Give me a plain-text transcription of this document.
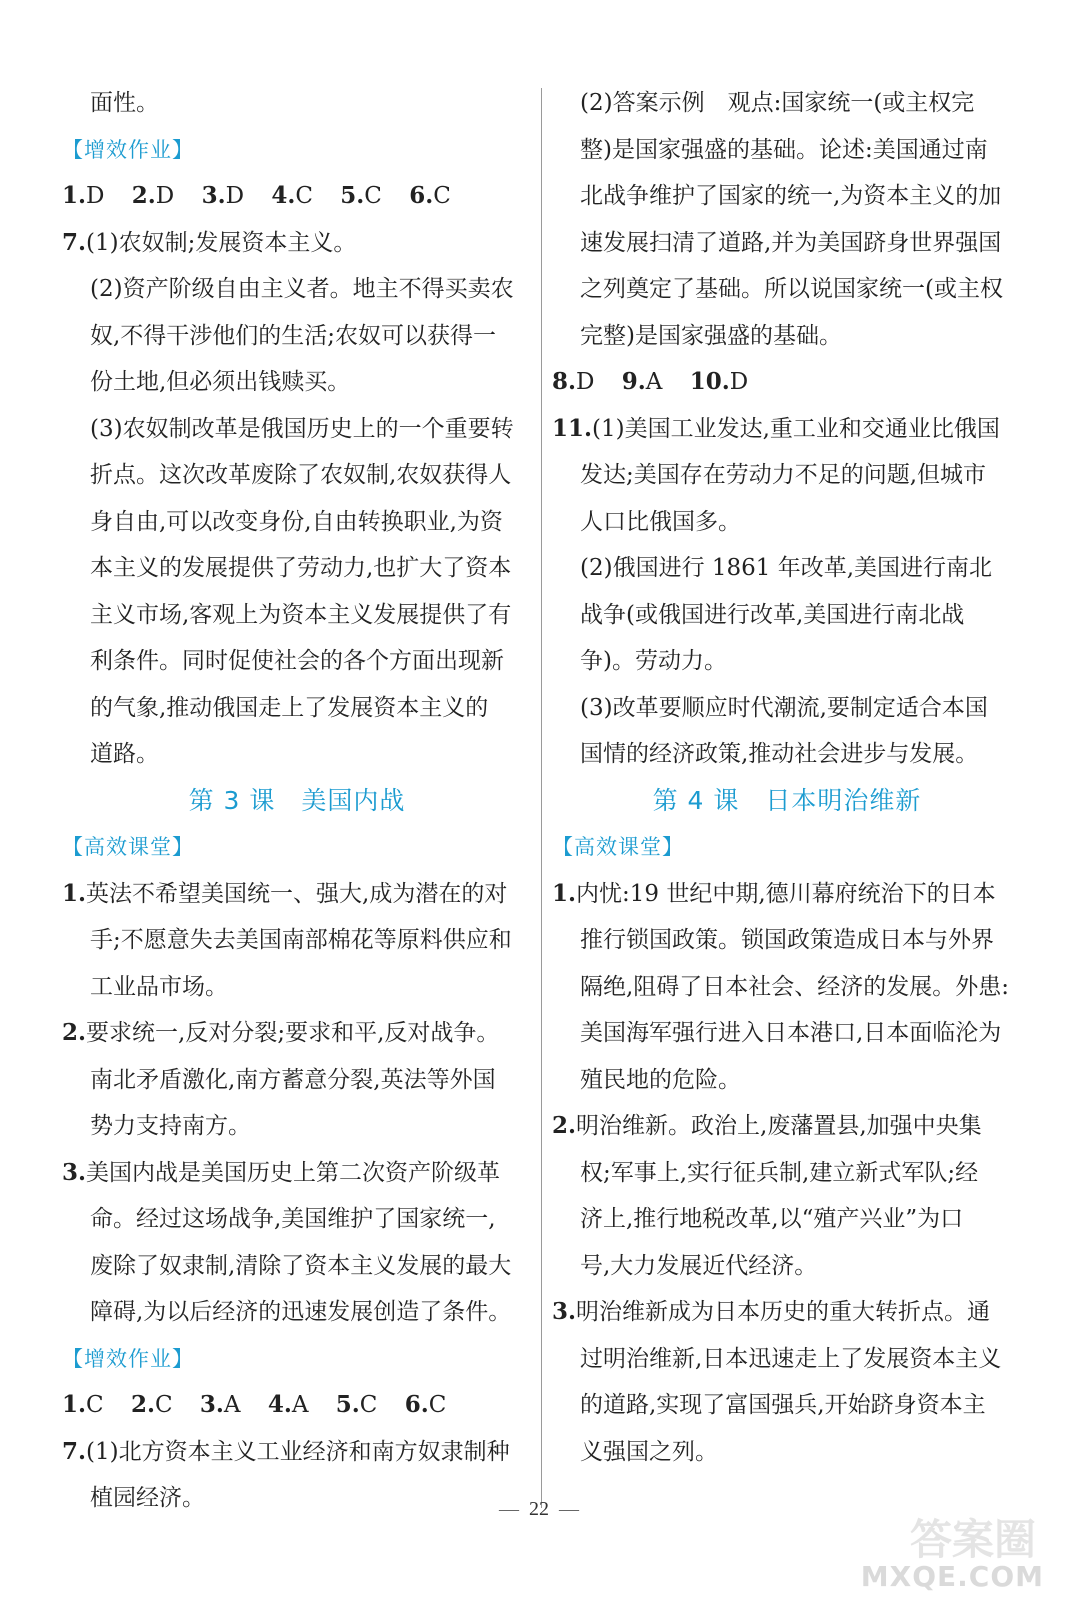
面性。
【增效作业】
1.D 2.D 3.D 4.C 5.C 6.C
7.(1)农奴制;发展资本主义。
(2)资产阶级自由主义者。地主不得买卖农
奴,不得干涉他们的生活;农奴可以获得一
份土地,但必须出钱赎买。
(3)农奴制改革是俄国历史上的一个重要转
折点。这次改革废除了农奴制,农奴获得人
身自由,可以改变身份,自由转换职业,为资
本主义的发展提供了劳动力,也扩大了资本
主义市场,客观上为资本主义发展提供了有
利条件。同时促使社会的各个方面出现新
的气象,推动俄国走上了发展资本主义的
道路。
第 3 课　美国内战
【高效课堂】
1.英法不希望美国统一、强大,成为潜在的对
手;不愿意失去美国南部棉花等原料供应和
工业品市场。
2.要求统一,反对分裂;要求和平,反对战争。
南北矛盾激化,南方蓄意分裂,英法等外国
势力支持南方。
3.美国内战是美国历史上第二次资产阶级革
命。经过这场战争,美国维护了国家统一,
废除了奴隶制,清除了资本主义发展的最大
障碍,为以后经济的迅速发展创造了条件。
【增效作业】
1.C 2.C 3.A 4.A 5.C 6.C
7.(1)北方资本主义工业经济和南方奴隶制种
植园经济。
(2)答案示例　观点:国家统一(或主权完
整)是国家强盛的基础。论述:美国通过南
北战争维护了国家的统一,为资本主义的加
速发展扫清了道路,并为美国跻身世界强国
之列奠定了基础。所以说国家统一(或主权
完整)是国家强盛的基础。
8.D 9.A 10.D
11.(1)美国工业发达,重工业和交通业比俄国
发达;美国存在劳动力不足的问题,但城市
人口比俄国多。
(2)俄国进行 1861 年改革,美国进行南北
战争(或俄国进行改革,美国进行南北战
争)。劳动力。
(3)改革要顺应时代潮流,要制定适合本国
国情的经济政策,推动社会进步与发展。
第 4 课　日本明治维新
【高效课堂】
1.内忧:19 世纪中期,德川幕府统治下的日本
推行锁国政策。锁国政策造成日本与外界
隔绝,阻碍了日本社会、经济的发展。外患:
美国海军强行进入日本港口,日本面临沦为
殖民地的危险。
2.明治维新。政治上,废藩置县,加强中央集
权;军事上,实行征兵制,建立新式军队;经
济上,推行地税改革,以“殖产兴业”为口
号,大力发展近代经济。
3.明治维新成为日本历史的重大转折点。通
过明治维新,日本迅速走上了发展资本主义
的道路,实现了富国强兵,开始跻身资本主
义强国之列。
— 22 —
答案圈
MXQE.COM
